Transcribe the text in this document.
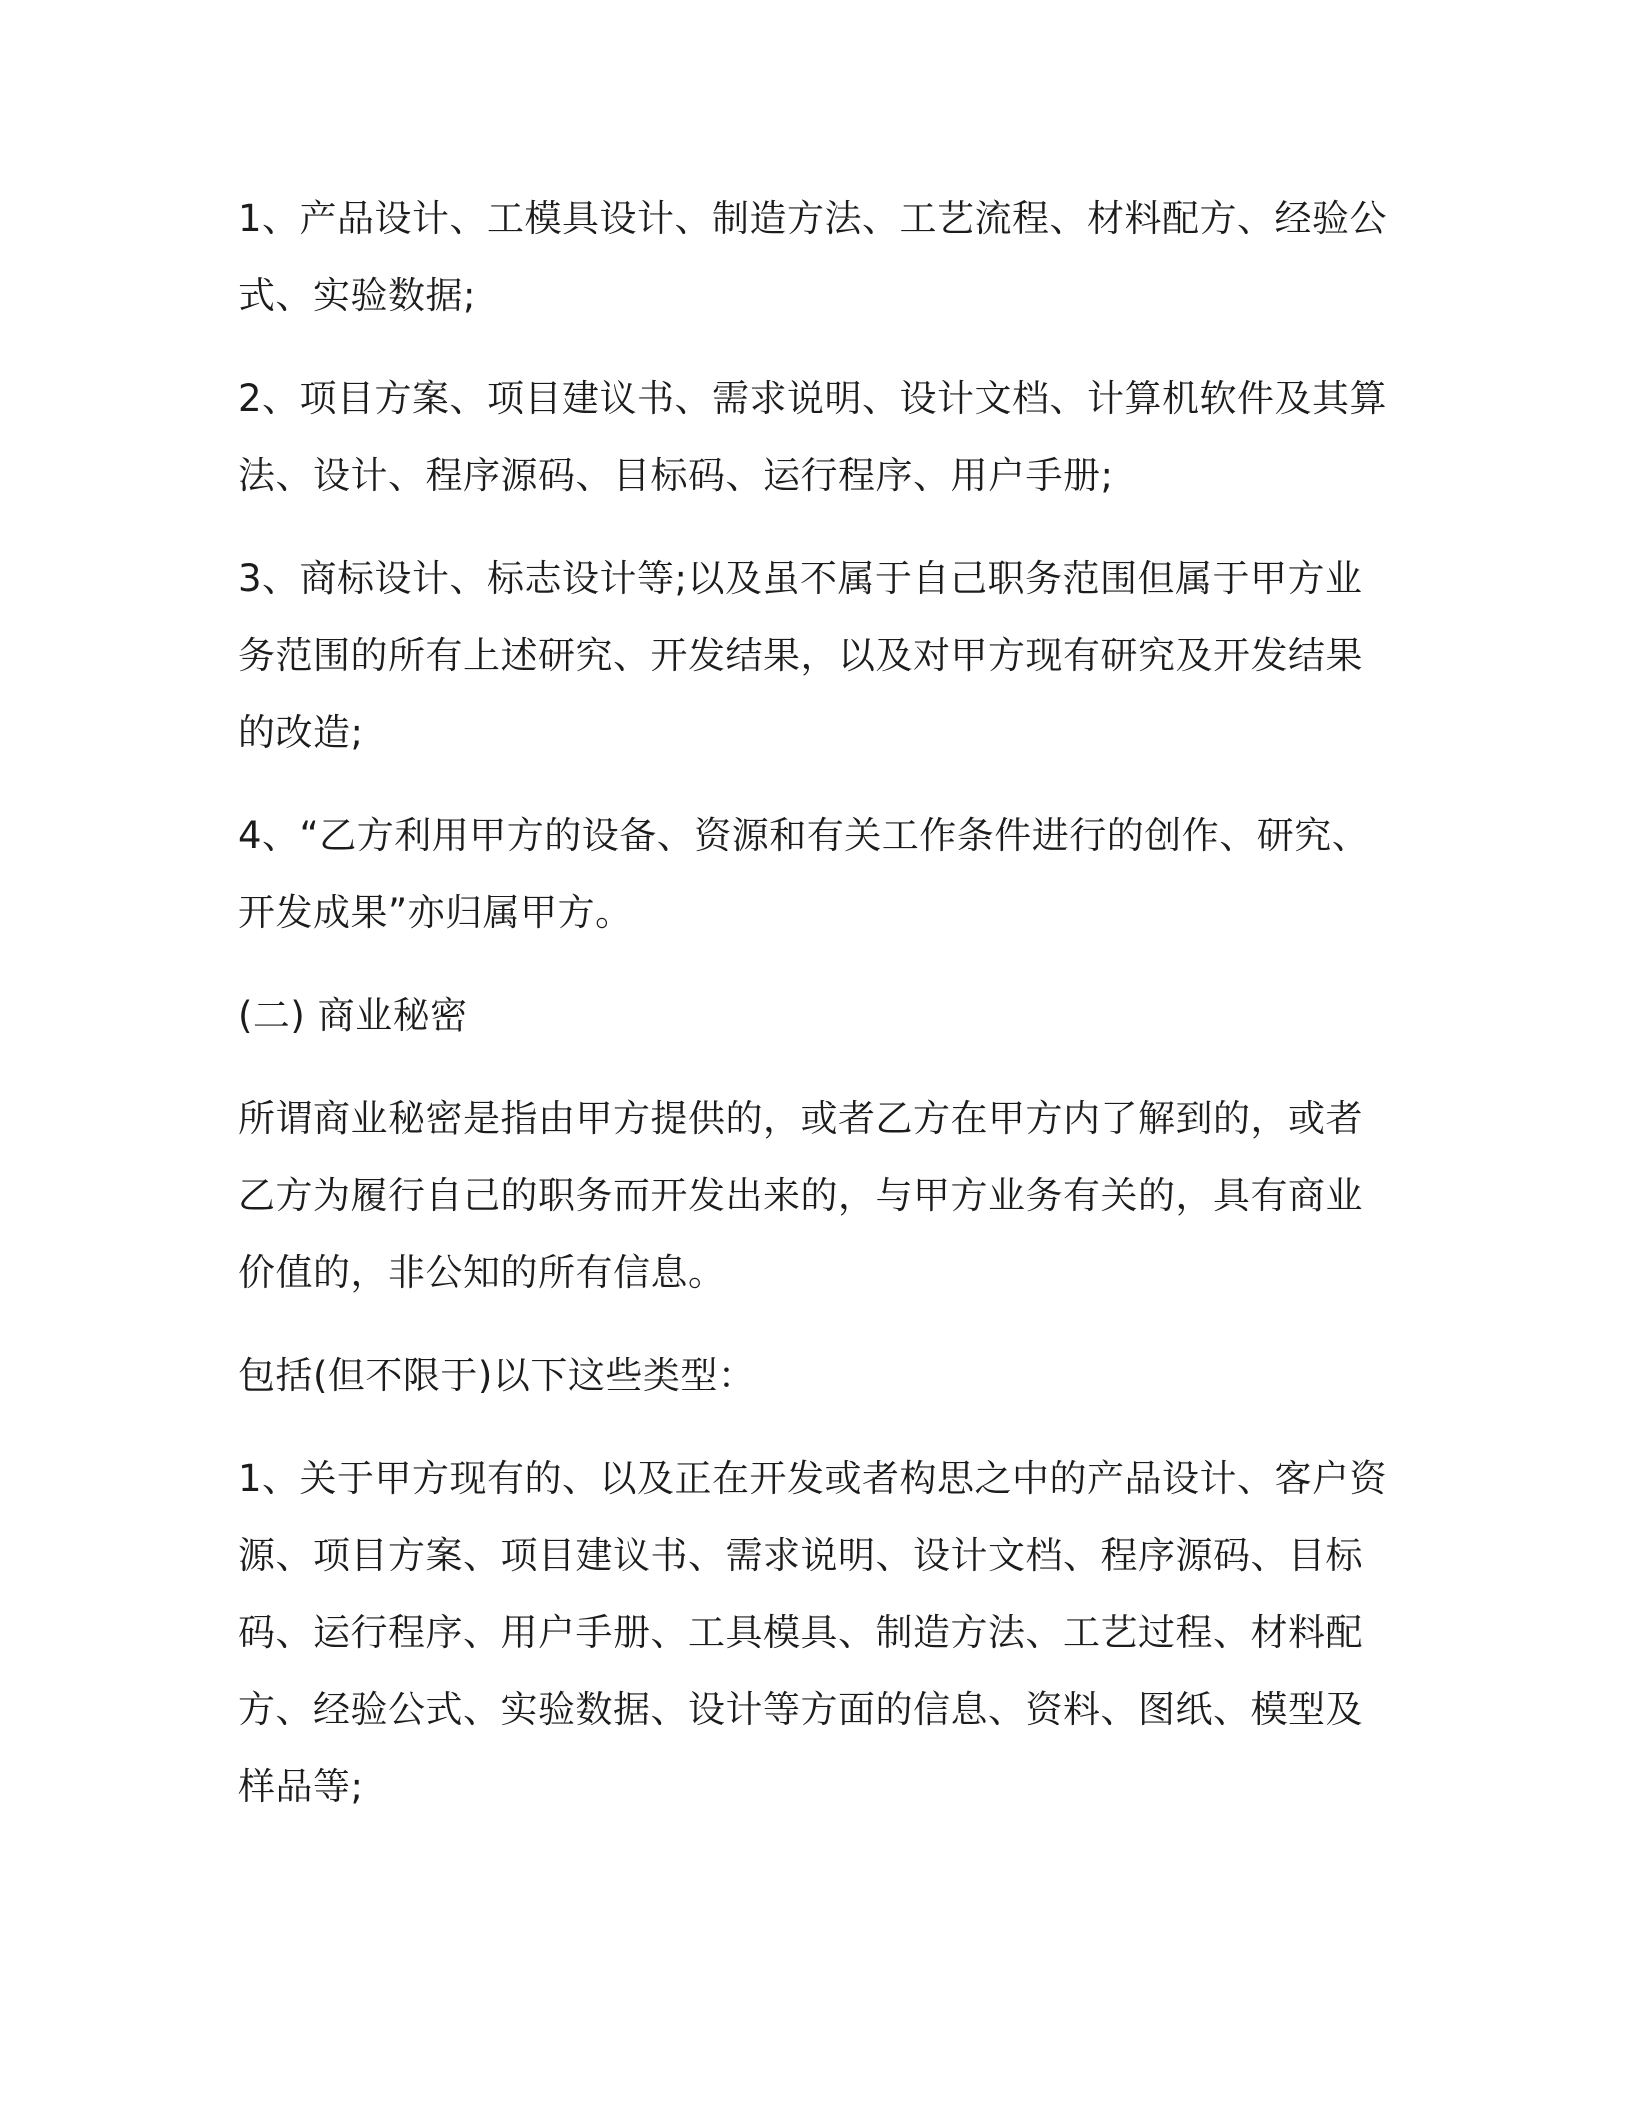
1、产品设计、工模具设计、制造方法、工艺流程、材料配方、经验公式、实验数据;

2、项目方案、项目建议书、需求说明、设计文档、计算机软件及其算法、设计、程序源码、目标码、运行程序、用户手册;

3、商标设计、标志设计等;以及虽不属于自己职务范围但属于甲方业务范围的所有上述研究、开发结果，以及对甲方现有研究及开发结果的改造;

4、“乙方利用甲方的设备、资源和有关工作条件进行的创作、研究、开发成果”亦归属甲方。

(二) 商业秘密

所谓商业秘密是指由甲方提供的，或者乙方在甲方内了解到的，或者乙方为履行自己的职务而开发出来的，与甲方业务有关的，具有商业价值的，非公知的所有信息。

包括(但不限于)以下这些类型：

1、关于甲方现有的、以及正在开发或者构思之中的产品设计、客户资源、项目方案、项目建议书、需求说明、设计文档、程序源码、目标码、运行程序、用户手册、工具模具、制造方法、工艺过程、材料配方、经验公式、实验数据、设计等方面的信息、资料、图纸、模型及样品等;
